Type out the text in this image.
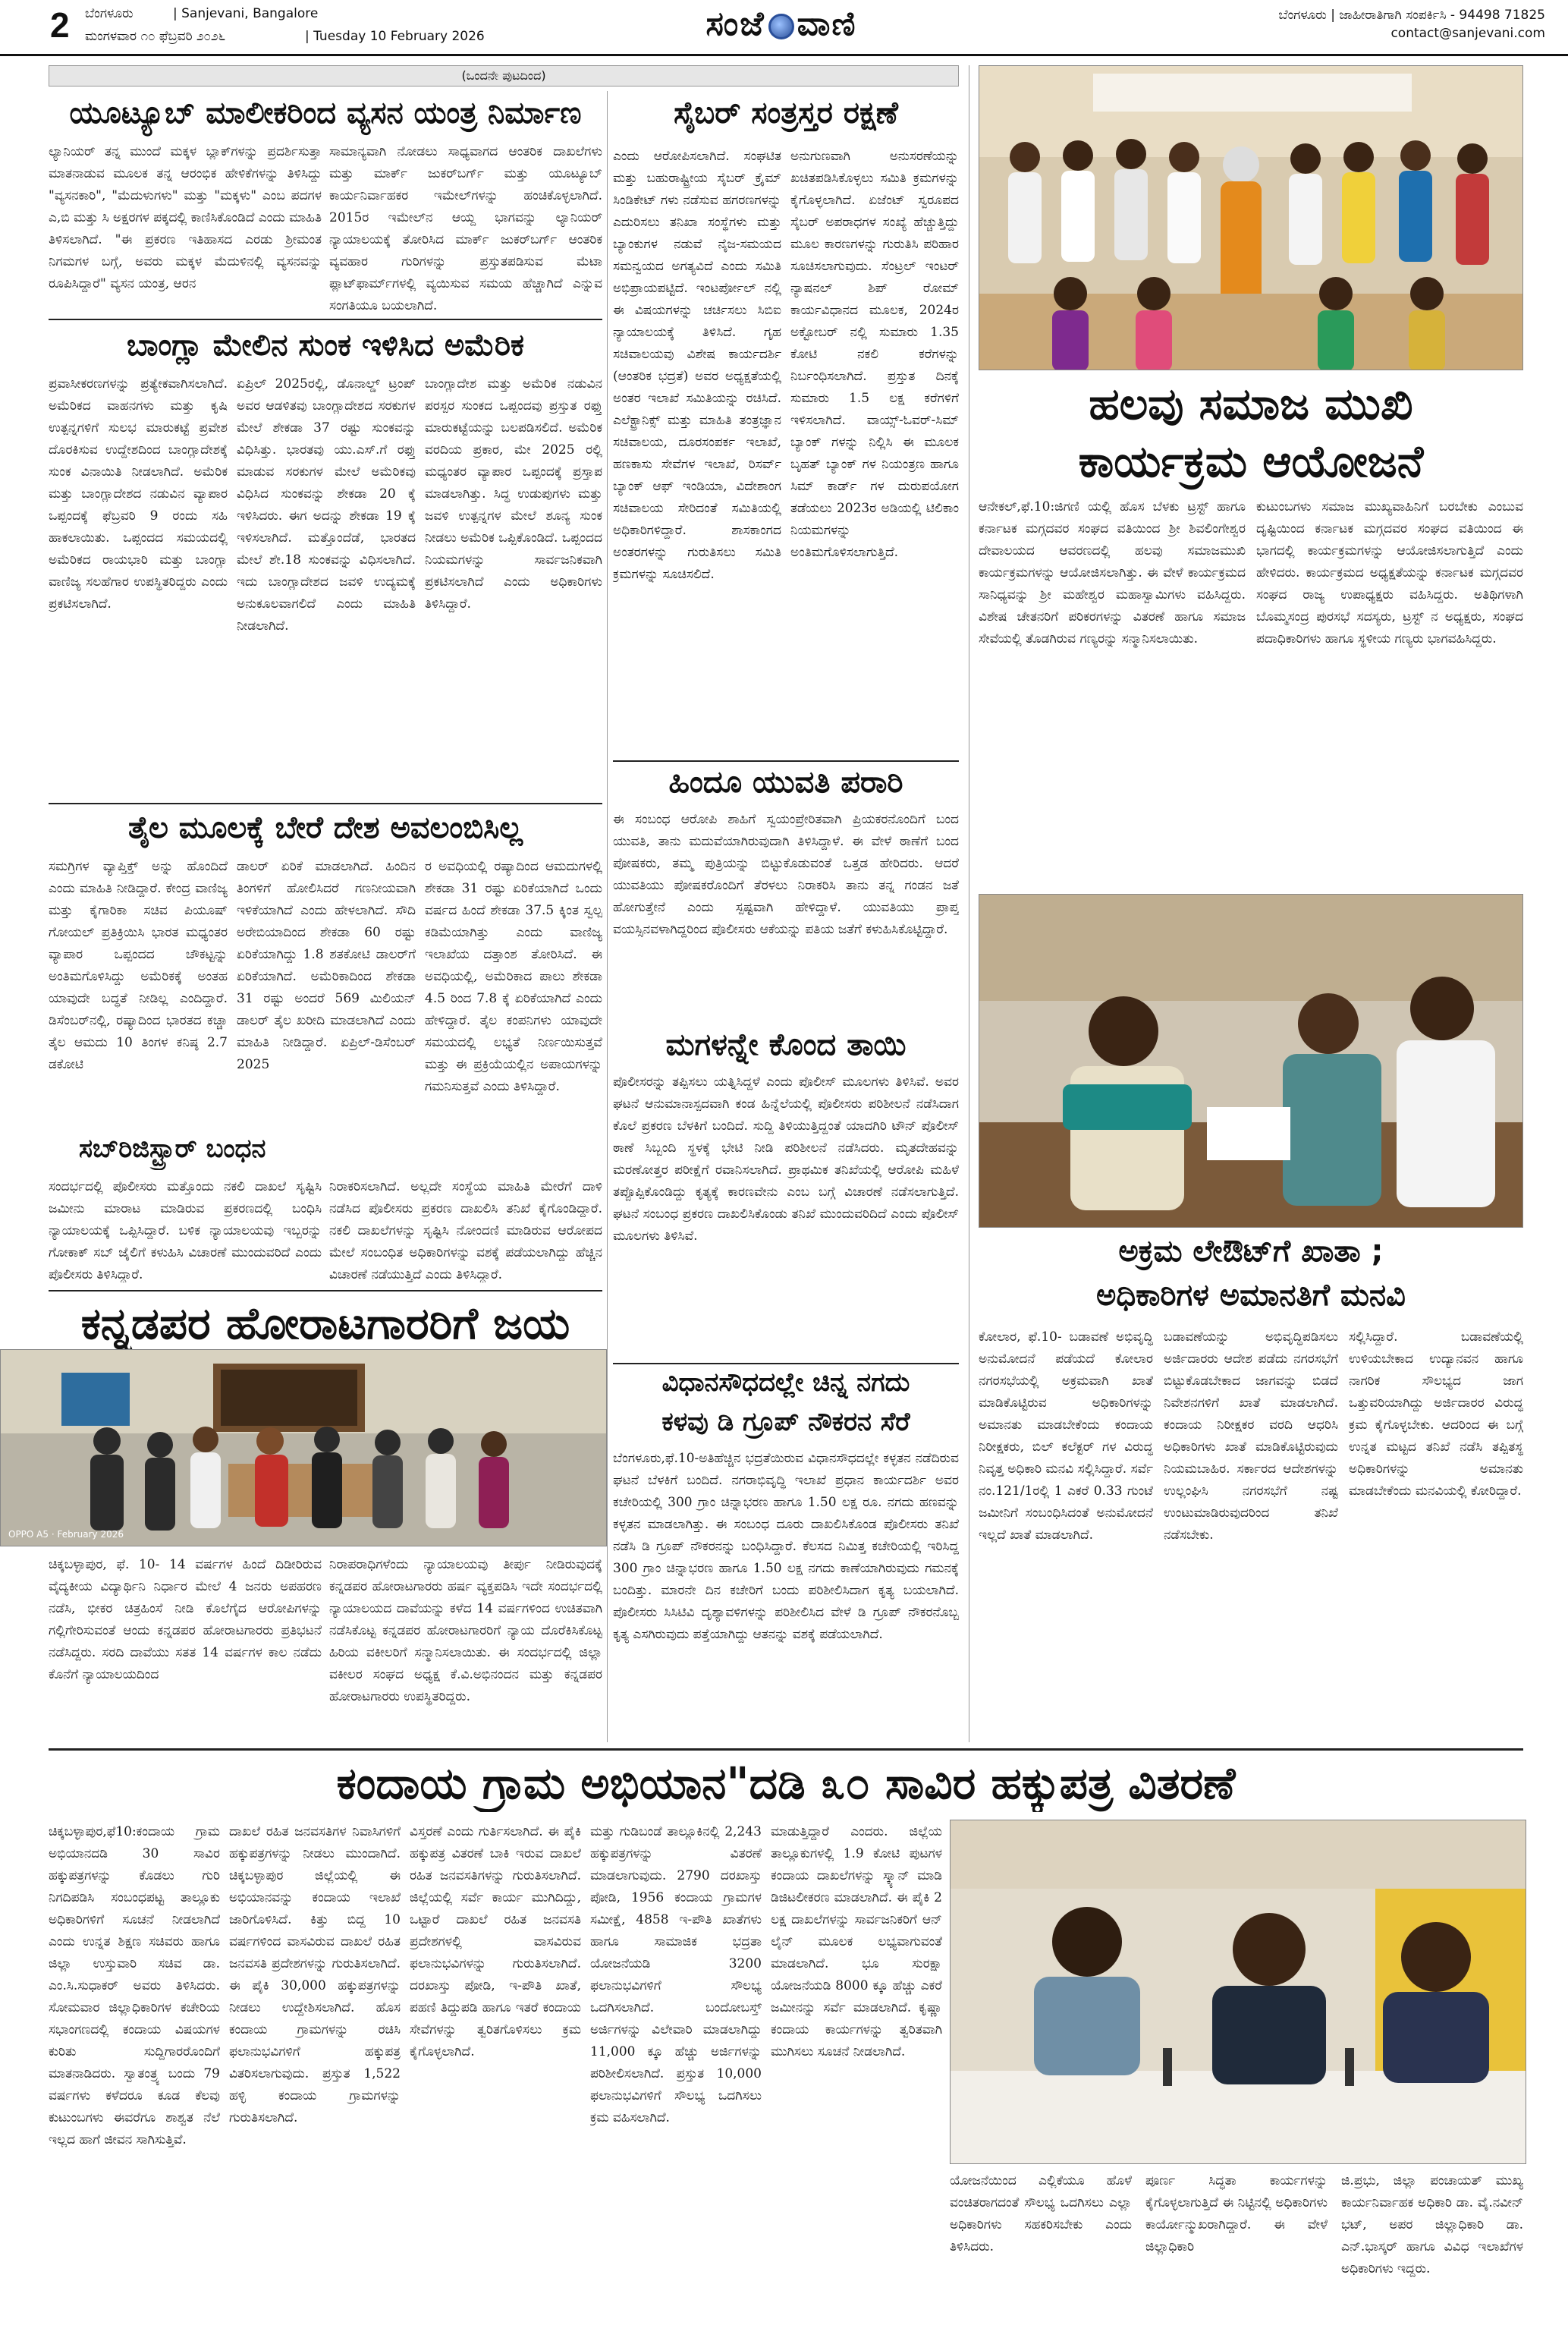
2 ಬೆಂಗಳೂರು	| Sanjevani, Bangalore
ಮಂಗಳವಾರ ೧೦ ಫೆಬ್ರವರಿ ೨೦೨೬	| Tuesday 10 February 2026	ಸಂಜೆ ವಾಣಿ	ಬೆಂಗಳೂರು | ಜಾಹೀರಾತಿಗಾಗಿ ಸಂಪರ್ಕಿಸಿ - 94498 71825
contact@sanjevani.com
(ಒಂದನೇ ಪುಟದಿಂದ)
ಯೂಟ್ಯೂಬ್ ಮಾಲೀಕರಿಂದ ವ್ಯಸನ ಯಂತ್ರ ನಿರ್ಮಾಣ
ಲ್ಯಾನಿಯರ್ ತನ್ನ ಮುಂದೆ ಮಕ್ಕಳ ಬ್ಲಾಕ್‌ಗಳನ್ನು ಪ್ರದರ್ಶಿಸುತ್ತಾ ಮಾತನಾಡುವ ಮೂಲಕ ತನ್ನ ಆರಂಭಿಕ ಹೇಳಿಕೆಗಳನ್ನು ತಿಳಿಸಿದ್ದು "ವ್ಯಸನಕಾರಿ", "ಮೆದುಳುಗಳು" ಮತ್ತು "ಮಕ್ಕಳು" ಎಂಬ ಪದಗಳ ಎ,ಬಿ ಮತ್ತು ಸಿ ಅಕ್ಷರಗಳ ಪಕ್ಕದಲ್ಲಿ ಕಾಣಿಸಿಕೊಂಡಿದೆ ಎಂದು ಮಾಹಿತಿ ತಿಳಿಸಲಾಗಿದೆ. "ಈ ಪ್ರಕರಣ ಇತಿಹಾಸದ ಎರಡು ಶ್ರೀಮಂತ ನಿಗಮಗಳ ಬಗ್ಗೆ, ಅವರು ಮಕ್ಕಳ ಮೆದುಳಿನಲ್ಲಿ ವ್ಯಸನವನ್ನು ರೂಪಿಸಿದ್ದಾರೆ" ವ್ಯಸನ ಯಂತ್ರ, ಆರನ
ಸಾಮಾನ್ಯವಾಗಿ ನೋಡಲು ಸಾಧ್ಯವಾಗದ ಆಂತರಿಕ ದಾಖಲೆಗಳು ಮತ್ತು ಮಾರ್ಕ್ ಜುಕರ್‌ಬರ್ಗ್ ಮತ್ತು ಯೂಟ್ಯೂಬ್ ಕಾರ್ಯನಿರ್ವಾಹಕರ ಇಮೇಲ್‌ಗಳನ್ನು ಹಂಚಿಕೊಳ್ಳಲಾಗಿದೆ. 2015ರ ಇಮೇಲ್‌ನ ಆಯ್ದ ಭಾಗವನ್ನು ಲ್ಯಾನಿಯರ್ ನ್ಯಾಯಾಲಯಕ್ಕೆ ತೋರಿಸಿದ ಮಾರ್ಕ್ ಜುಕರ್‌ಬರ್ಗ್ ಆಂತರಿಕ ವ್ಯವಹಾರ ಗುರಿಗಳನ್ನು ಪ್ರಸ್ತುತಪಡಿಸುವ ಮೆಟಾ ಪ್ಲಾಟ್‌ಫಾರ್ಮ್‌ಗಳಲ್ಲಿ ವ್ಯಯಿಸುವ ಸಮಯ ಹೆಚ್ಚಾಗಿದೆ ಎನ್ನುವ ಸಂಗತಿಯೂ ಬಯಲಾಗಿದೆ.
ಸೈಬರ್ ಸಂತ್ರಸ್ತರ ರಕ್ಷಣೆ
ಎಂದು ಆರೋಪಿಸಲಾಗಿದೆ. ಸಂಘಟಿತ ಮತ್ತು ಬಹುರಾಷ್ಟ್ರೀಯ ಸೈಬರ್ ಕ್ರೈಮ್ ಸಿಂಡಿಕೇಟ್ ಗಳು ನಡೆಸುವ ಹಗರಣಗಳನ್ನು ಎದುರಿಸಲು ತನಿಖಾ ಸಂಸ್ಥೆಗಳು ಮತ್ತು ಬ್ಯಾಂಕುಗಳ ನಡುವೆ ನೈಜ-ಸಮಯದ ಸಮನ್ವಯದ ಅಗತ್ಯವಿದೆ ಎಂದು ಸಮಿತಿ ಅಭಿಪ್ರಾಯಪಟ್ಟಿದೆ. ಇಂಟರ್ಪೋಲ್ ನಲ್ಲಿ ಈ ವಿಷಯಗಳನ್ನು ಚರ್ಚಿಸಲು ಸಿಬಿಐ ನ್ಯಾಯಾಲಯಕ್ಕೆ ತಿಳಿಸಿದೆ. ಗೃಹ ಸಚಿವಾಲಯವು ವಿಶೇಷ ಕಾರ್ಯದರ್ಶಿ (ಆಂತರಿಕ ಭದ್ರತೆ) ಅವರ ಅಧ್ಯಕ್ಷತೆಯಲ್ಲಿ ಅಂತರ ಇಲಾಖೆ ಸಮಿತಿಯನ್ನು ರಚಿಸಿದೆ. ಎಲೆಕ್ಟ್ರಾನಿಕ್ಸ್ ಮತ್ತು ಮಾಹಿತಿ ತಂತ್ರಜ್ಞಾನ ಸಚಿವಾಲಯ, ದೂರಸಂಪರ್ಕ ಇಲಾಖೆ, ಹಣಕಾಸು ಸೇವೆಗಳ ಇಲಾಖೆ, ರಿಸರ್ವ್ ಬ್ಯಾಂಕ್ ಆಫ್ ಇಂಡಿಯಾ, ವಿದೇಶಾಂಗ ಸಚಿವಾಲಯ ಸೇರಿದಂತೆ ಸಮಿತಿಯಲ್ಲಿ ಅಧಿಕಾರಿಗಳಿದ್ದಾರೆ. ಶಾಸಕಾಂಗದ ಅಂತರಗಳನ್ನು ಗುರುತಿಸಲು ಸಮಿತಿ ಕ್ರಮಗಳನ್ನು ಸೂಚಿಸಲಿದೆ.
ಅನುಗುಣವಾಗಿ ಅನುಸರಣೆಯನ್ನು ಖಚಿತಪಡಿಸಿಕೊಳ್ಳಲು ಸಮಿತಿ ಕ್ರಮಗಳನ್ನು ಕೈಗೊಳ್ಳಲಾಗಿದೆ. ಏಜೆಂಟ್ ಸ್ವರೂಪದ ಸೈಬರ್ ಅಪರಾಧಗಳ ಸಂಖ್ಯೆ ಹೆಚ್ಚುತ್ತಿದ್ದು ಮೂಲ ಕಾರಣಗಳನ್ನು ಗುರುತಿಸಿ ಪರಿಹಾರ ಸೂಚಿಸಲಾಗುವುದು. ಸೆಂಟ್ರಲ್ ಇಂಟರ್ ನ್ಯಾಷನಲ್ ಶಿಪ್ ರೋಮ್ ಕಾರ್ಯವಿಧಾನದ ಮೂಲಕ, 2024ರ ಅಕ್ಟೋಬರ್ ನಲ್ಲಿ ಸುಮಾರು 1.35 ಕೋಟಿ ನಕಲಿ ಕರೆಗಳನ್ನು ನಿರ್ಬಂಧಿಸಲಾಗಿದೆ. ಪ್ರಸ್ತುತ ದಿನಕ್ಕೆ ಸುಮಾರು 1.5 ಲಕ್ಷ ಕರೆಗಳಿಗೆ ಇಳಿಸಲಾಗಿದೆ. ವಾಯ್ಸ್-ಓವರ್-ಸಿಮ್ ಬ್ಯಾಂಕ್ ಗಳನ್ನು ನಿಲ್ಲಿಸಿ ಈ ಮೂಲಕ ಬೃಹತ್ ಬ್ಯಾಂಕ್ ಗಳ ನಿಯಂತ್ರಣ ಹಾಗೂ ಸಿಮ್ ಕಾರ್ಡ್ ಗಳ ದುರುಪಯೋಗ ತಡೆಯಲು 2023ರ ಅಡಿಯಲ್ಲಿ ಟಿಲಿಕಾಂ ನಿಯಮಗಳನ್ನು ಅಂತಿಮಗೊಳಿಸಲಾಗುತ್ತಿದೆ.
ಬಾಂಗ್ಲಾ ಮೇಲಿನ ಸುಂಕ ಇಳಿಸಿದ ಅಮೆರಿಕ
ಪ್ರವಾಸೀಕರಣಗಳನ್ನು ಪ್ರತ್ಯೇಕವಾಗಿಸಲಾಗಿದೆ. ಅಮೆರಿಕದ ವಾಹನಗಳು ಮತ್ತು ಕೃಷಿ ಉತ್ಪನ್ನಗಳಿಗೆ ಸುಲಭ ಮಾರುಕಟ್ಟೆ ಪ್ರವೇಶ ದೊರಕಿಸುವ ಉದ್ದೇಶದಿಂದ ಬಾಂಗ್ಲಾದೇಶಕ್ಕೆ ಸುಂಕ ವಿನಾಯಿತಿ ನೀಡಲಾಗಿದೆ. ಅಮೆರಿಕ ಮತ್ತು ಬಾಂಗ್ಲಾದೇಶದ ನಡುವಿನ ವ್ಯಾಪಾರ ಒಪ್ಪಂದಕ್ಕೆ ಫೆಬ್ರವರಿ 9 ರಂದು ಸಹಿ ಹಾಕಲಾಯಿತು. ಒಪ್ಪಂದದ ಸಮಯದಲ್ಲಿ ಅಮೆರಿಕದ ರಾಯಭಾರಿ ಮತ್ತು ಬಾಂಗ್ಲಾ ವಾಣಿಜ್ಯ ಸಲಹೆಗಾರ ಉಪಸ್ಥಿತರಿದ್ದರು ಎಂದು ಪ್ರಕಟಿಸಲಾಗಿದೆ.
ಏಪ್ರಿಲ್ 2025ರಲ್ಲಿ, ಡೊನಾಲ್ಡ್ ಟ್ರಂಪ್ ಅವರ ಆಡಳಿತವು ಬಾಂಗ್ಲಾದೇಶದ ಸರಕುಗಳ ಮೇಲೆ ಶೇಕಡಾ 37 ರಷ್ಟು ಸುಂಕವನ್ನು ವಿಧಿಸಿತ್ತು. ಭಾರತವು ಯು.ಎಸ್.ಗೆ ರಫ್ತು ಮಾಡುವ ಸರಕುಗಳ ಮೇಲೆ ಅಮೆರಿಕವು ವಿಧಿಸಿದ ಸುಂಕವನ್ನು ಶೇಕಡಾ 20 ಕ್ಕೆ ಇಳಿಸಿದರು. ಈಗ ಅದನ್ನು ಶೇಕಡಾ 19 ಕ್ಕೆ ಇಳಿಸಲಾಗಿದೆ. ಮತ್ತೊಂದೆಡೆ, ಭಾರತದ ಮೇಲೆ ಶೇ.18 ಸುಂಕವನ್ನು ವಿಧಿಸಲಾಗಿದೆ. ಇದು ಬಾಂಗ್ಲಾದೇಶದ ಜವಳಿ ಉದ್ಯಮಕ್ಕೆ ಅನುಕೂಲವಾಗಲಿದೆ ಎಂದು ಮಾಹಿತಿ ನೀಡಲಾಗಿದೆ.
ಬಾಂಗ್ಲಾದೇಶ ಮತ್ತು ಅಮೆರಿಕ ನಡುವಿನ ಪರಸ್ಪರ ಸುಂಕದ ಒಪ್ಪಂದವು ಪ್ರಸ್ತುತ ರಫ್ತು ಮಾರುಕಟ್ಟೆಯನ್ನು ಬಲಪಡಿಸಲಿದೆ. ಅಮೆರಿಕ ವರದಿಯ ಪ್ರಕಾರ, ಮೇ 2025 ರಲ್ಲಿ ಮಧ್ಯಂತರ ವ್ಯಾಪಾರ ಒಪ್ಪಂದಕ್ಕೆ ಪ್ರಸ್ತಾಪ ಮಾಡಲಾಗಿತ್ತು. ಸಿದ್ಧ ಉಡುಪುಗಳು ಮತ್ತು ಜವಳಿ ಉತ್ಪನ್ನಗಳ ಮೇಲೆ ಶೂನ್ಯ ಸುಂಕ ನೀಡಲು ಅಮೆರಿಕ ಒಪ್ಪಿಕೊಂಡಿದೆ. ಒಪ್ಪಂದದ ನಿಯಮಗಳನ್ನು ಸಾರ್ವಜನಿಕವಾಗಿ ಪ್ರಕಟಿಸಲಾಗಿದೆ ಎಂದು ಅಧಿಕಾರಿಗಳು ತಿಳಿಸಿದ್ದಾರೆ.
ತೈಲ ಮೂಲಕ್ಕೆ ಬೇರೆ ದೇಶ ಅವಲಂಬಿಸಿಲ್ಲ
ಸಮಗ್ರಿಗಳ ವ್ಯಾಪ್ತಿಕ್ತ್ ಅನ್ನು ಹೊಂದಿದೆ ಎಂದು ಮಾಹಿತಿ ನೀಡಿದ್ದಾರೆ. ಕೇಂದ್ರ ವಾಣಿಜ್ಯ ಮತ್ತು ಕೈಗಾರಿಕಾ ಸಚಿವ ಪಿಯೂಷ್ ಗೋಯಲ್ ಪ್ರತಿಕ್ರಿಯಿಸಿ ಭಾರತ ಮಧ್ಯಂತರ ವ್ಯಾಪಾರ ಒಪ್ಪಂದದ ಚೌಕಟ್ಟನ್ನು ಅಂತಿಮಗೊಳಿಸಿದ್ದು ಅಮೆರಿಕಕ್ಕೆ ಅಂತಹ ಯಾವುದೇ ಬದ್ಧತೆ ನೀಡಿಲ್ಲ ಎಂದಿದ್ದಾರೆ. ಡಿಸೆಂಬರ್‌ನಲ್ಲಿ, ರಷ್ಯಾದಿಂದ ಭಾರತದ ಕಚ್ಚಾ ತೈಲ ಆಮದು 10 ತಿಂಗಳ ಕನಿಷ್ಠ 2.7 ಡಕೋಟಿ
ಡಾಲರ್ ಏರಿಕೆ ಮಾಡಲಾಗಿದೆ. ಹಿಂದಿನ ತಿಂಗಳಿಗೆ ಹೋಲಿಸಿದರೆ ಗಣನೀಯವಾಗಿ ಇಳಿಕೆಯಾಗಿದೆ ಎಂದು ಹೇಳಲಾಗಿದೆ. ಸೌದಿ ಅರೇಬಿಯಾದಿಂದ ಶೇಕಡಾ 60 ರಷ್ಟು ಏರಿಕೆಯಾಗಿದ್ದು 1.8 ಶತಕೋಟಿ ಡಾಲರ್‌ಗೆ ಏರಿಕೆಯಾಗಿದೆ. ಅಮೆರಿಕಾದಿಂದ ಶೇಕಡಾ 31 ರಷ್ಟು ಅಂದರೆ 569 ಮಿಲಿಯನ್ ಡಾಲರ್ ತೈಲ ಖರೀದಿ ಮಾಡಲಾಗಿದೆ ಎಂದು ಮಾಹಿತಿ ನೀಡಿದ್ದಾರೆ. ಏಪ್ರಿಲ್-ಡಿಸೆಂಬರ್ 2025
ರ ಅವಧಿಯಲ್ಲಿ ರಷ್ಯಾದಿಂದ ಆಮದುಗಳಲ್ಲಿ ಶೇಕಡಾ 31 ರಷ್ಟು ಏರಿಕೆಯಾಗಿದೆ ಒಂದು ವರ್ಷದ ಹಿಂದೆ ಶೇಕಡಾ 37.5 ಕ್ಕಿಂತ ಸ್ವಲ್ಪ ಕಡಿಮೆಯಾಗಿತ್ತು ಎಂದು ವಾಣಿಜ್ಯ ಇಲಾಖೆಯ ದತ್ತಾಂಶ ತೋರಿಸಿದೆ. ಈ ಅವಧಿಯಲ್ಲಿ, ಅಮೆರಿಕಾದ ಪಾಲು ಶೇಕಡಾ 4.5 ರಿಂದ 7.8 ಕ್ಕೆ ಏರಿಕೆಯಾಗಿದೆ ಎಂದು ಹೇಳಿದ್ದಾರೆ. ತೈಲ ಕಂಪನಿಗಳು ಯಾವುದೇ ಸಮಯದಲ್ಲಿ ಲಭ್ಯತೆ ನಿರ್ಣಯಿಸುತ್ತವೆ ಮತ್ತು ಈ ಪ್ರಕ್ರಿಯೆಯಲ್ಲಿನ ಅಪಾಯಗಳನ್ನು ಗಮನಿಸುತ್ತವೆ ಎಂದು ತಿಳಿಸಿದ್ದಾರೆ.
ಸಬ್‌ರಿಜಿಸ್ಟ್ರಾರ್ ಬಂಧನ
ಸಂದರ್ಭದಲ್ಲಿ ಪೊಲೀಸರು ಮತ್ತೊಂದು ನಕಲಿ ದಾಖಲೆ ಸೃಷ್ಟಿಸಿ ಜಮೀನು ಮಾರಾಟ ಮಾಡಿರುವ ಪ್ರಕರಣದಲ್ಲಿ ಬಂಧಿಸಿ ನ್ಯಾಯಾಲಯಕ್ಕೆ ಒಪ್ಪಿಸಿದ್ದಾರೆ. ಬಳಿಕ ನ್ಯಾಯಾಲಯವು ಇಬ್ಬರನ್ನು ಗೋಕಾಕ್ ಸಬ್ ಜೈಲಿಗೆ ಕಳುಹಿಸಿ ವಿಚಾರಣೆ ಮುಂದುವರಿದೆ ಎಂದು ಪೊಲೀಸರು ತಿಳಿಸಿದ್ದಾರೆ.
ನಿರಾಕರಿಸಲಾಗಿದೆ. ಅಲ್ಲದೇ ಸಂಸ್ಥೆಯ ಮಾಹಿತಿ ಮೇರೆಗೆ ದಾಳಿ ನಡೆಸಿದ ಪೊಲೀಸರು ಪ್ರಕರಣ ದಾಖಲಿಸಿ ತನಿಖೆ ಕೈಗೊಂಡಿದ್ದಾರೆ. ನಕಲಿ ದಾಖಲೆಗಳನ್ನು ಸೃಷ್ಟಿಸಿ ನೋಂದಣಿ ಮಾಡಿರುವ ಆರೋಪದ ಮೇಲೆ ಸಂಬಂಧಿತ ಅಧಿಕಾರಿಗಳನ್ನು ವಶಕ್ಕೆ ಪಡೆಯಲಾಗಿದ್ದು ಹೆಚ್ಚಿನ ವಿಚಾರಣೆ ನಡೆಯುತ್ತಿದೆ ಎಂದು ತಿಳಿಸಿದ್ದಾರೆ.
ಕನ್ನಡಪರ ಹೋರಾಟಗಾರರಿಗೆ ಜಯ
OPPO A5 · February 2026
ಚಿಕ್ಕಬಳ್ಳಾಪುರ, ಫೆ. 10- 14 ವರ್ಷಗಳ ಹಿಂದೆ ದಿಡೀರಿರುವ ವೈದ್ಯಕೀಯ ವಿದ್ಯಾರ್ಥಿನಿ ನಿರ್ಧಾರ ಮೇಲೆ 4 ಜನರು ಅಪಹರಣ ನಡೆಸಿ, ಭೀಕರ ಚಿತ್ರಹಿಂಸೆ ನೀಡಿ ಕೊಲೆಗೈದ ಆರೋಪಿಗಳನ್ನು ಗಲ್ಲಿಗೇರಿಸುವಂತೆ ಆಂದು ಕನ್ನಡಪರ ಹೋರಾಟಗಾರರು ಪ್ರತಿಭಟನೆ ನಡೆಸಿದ್ದರು. ಸರದಿ ದಾವೆಯು ಸತತ 14 ವರ್ಷಗಳ ಕಾಲ ನಡೆದು ಕೊನೆಗೆ ನ್ಯಾಯಾಲಯದಿಂದ
ನಿರಾಪರಾಧಿಗಳೆಂದು ನ್ಯಾಯಾಲಯವು ತೀರ್ಪು ನೀಡಿರುವುದಕ್ಕೆ ಕನ್ನಡಪರ ಹೋರಾಟಗಾರರು ಹರ್ಷ ವ್ಯಕ್ತಪಡಿಸಿ ಇದೇ ಸಂದರ್ಭದಲ್ಲಿ ನ್ಯಾಯಾಲಯದ ದಾವೆಯನ್ನು ಕಳೆದ 14 ವರ್ಷಗಳಿಂದ ಉಚಿತವಾಗಿ ನಡೆಸಿಕೊಟ್ಟ ಕನ್ನಡಪರ ಹೋರಾಟಗಾರರಿಗೆ ನ್ಯಾಯ ದೊರೆಕಿಸಿಕೊಟ್ಟ ಹಿರಿಯ ವಕೀಲರಿಗೆ ಸನ್ಮಾನಿಸಲಾಯಿತು. ಈ ಸಂದರ್ಭದಲ್ಲಿ ಜಿಲ್ಲಾ ವಕೀಲರ ಸಂಘದ ಅಧ್ಯಕ್ಷ ಕೆ.ವಿ.ಅಭಿನಂದನ ಮತ್ತು ಕನ್ನಡಪರ ಹೋರಾಟಗಾರರು ಉಪಸ್ಥಿತರಿದ್ದರು.
ಹಿಂದೂ ಯುವತಿ ಪರಾರಿ
ಈ ಸಂಬಂಧ ಆರೋಪಿ ಶಾಹಿಗೆ ಸ್ವಯಂಪ್ರೇರಿತವಾಗಿ ಪ್ರಿಯಕರನೊಂದಿಗೆ ಬಂದ ಯುವತಿ, ತಾನು ಮದುವೆಯಾಗಿರುವುದಾಗಿ ತಿಳಿಸಿದ್ದಾಳೆ. ಈ ವೇಳೆ ಠಾಣೆಗೆ ಬಂದ ಪೋಷಕರು, ತಮ್ಮ ಪುತ್ರಿಯನ್ನು ಬಿಟ್ಟುಕೊಡುವಂತೆ ಒತ್ತಡ ಹೇರಿದರು. ಆದರೆ ಯುವತಿಯು ಪೋಷಕರೊಂದಿಗೆ ತೆರಳಲು ನಿರಾಕರಿಸಿ ತಾನು ತನ್ನ ಗಂಡನ ಜತೆ ಹೋಗುತ್ತೇನೆ ಎಂದು ಸ್ಪಷ್ಟವಾಗಿ ಹೇಳಿದ್ದಾಳೆ. ಯುವತಿಯು ಪ್ರಾಪ್ತ ವಯಸ್ಸಿನವಳಾಗಿದ್ದರಿಂದ ಪೊಲೀಸರು ಆಕೆಯನ್ನು ಪತಿಯ ಜತೆಗೆ ಕಳುಹಿಸಿಕೊಟ್ಟಿದ್ದಾರೆ.
ಮಗಳನ್ನೇ ಕೊಂದ ತಾಯಿ
ಪೊಲೀಸರನ್ನು ತಪ್ಪಿಸಲು ಯತ್ನಿಸಿದ್ದಳೆ ಎಂದು ಪೊಲೀಸ್ ಮೂಲಗಳು ತಿಳಿಸಿವೆ. ಅವರ ಘಟನೆ ಆನುಮಾನಾಸ್ಪದವಾಗಿ ಕಂಡ ಹಿನ್ನೆಲೆಯಲ್ಲಿ ಪೊಲೀಸರು ಪರಿಶೀಲನೆ ನಡೆಸಿದಾಗ ಕೊಲೆ ಪ್ರಕರಣ ಬೆಳಕಿಗೆ ಬಂದಿದೆ. ಸುದ್ದಿ ತಿಳಿಯುತ್ತಿದ್ದಂತೆ ಯಾದಗಿರಿ ಟೌನ್ ಪೊಲೀಸ್ ಠಾಣೆ ಸಿಬ್ಬಂದಿ ಸ್ಥಳಕ್ಕೆ ಭೇಟಿ ನೀಡಿ ಪರಿಶೀಲನೆ ನಡೆಸಿದರು. ಮೃತದೇಹವನ್ನು ಮರಣೋತ್ತರ ಪರೀಕ್ಷೆಗೆ ರವಾನಿಸಲಾಗಿದೆ. ಪ್ರಾಥಮಿಕ ತನಿಖೆಯಲ್ಲಿ ಆರೋಪಿ ಮಹಿಳೆ ತಪ್ಪೊಪ್ಪಿಕೊಂಡಿದ್ದು ಕೃತ್ಯಕ್ಕೆ ಕಾರಣವೇನು ಎಂಬ ಬಗ್ಗೆ ವಿಚಾರಣೆ ನಡೆಸಲಾಗುತ್ತಿದೆ. ಘಟನೆ ಸಂಬಂಧ ಪ್ರಕರಣ ದಾಖಲಿಸಿಕೊಂಡು ತನಿಖೆ ಮುಂದುವರಿದಿದೆ ಎಂದು ಪೊಲೀಸ್ ಮೂಲಗಳು ತಿಳಿಸಿವೆ.
ವಿಧಾನಸೌಧದಲ್ಲೇ ಚಿನ್ನ ನಗದು
ಕಳವು ಡಿ ಗ್ರೂಪ್ ನೌಕರನ ಸೆರೆ
ಬೆಂಗಳೂರು,ಫೆ.10-ಅತಿಹೆಚ್ಚಿನ ಭದ್ರತೆಯಿರುವ ವಿಧಾನಸೌಧದಲ್ಲೇ ಕಳ್ಳತನ ನಡೆದಿರುವ ಘಟನೆ ಬೆಳಕಿಗೆ ಬಂದಿದೆ. ನಗರಾಭಿವೃದ್ಧಿ ಇಲಾಖೆ ಪ್ರಧಾನ ಕಾರ್ಯದರ್ಶಿ ಅವರ ಕಚೇರಿಯಲ್ಲಿ 300 ಗ್ರಾಂ ಚಿನ್ನಾಭರಣ ಹಾಗೂ 1.50 ಲಕ್ಷ ರೂ. ನಗದು ಹಣವನ್ನು ಕಳ್ಳತನ ಮಾಡಲಾಗಿತ್ತು. ಈ ಸಂಬಂಧ ದೂರು ದಾಖಲಿಸಿಕೊಂಡ ಪೊಲೀಸರು ತನಿಖೆ ನಡೆಸಿ ಡಿ ಗ್ರೂಪ್ ನೌಕರನನ್ನು ಬಂಧಿಸಿದ್ದಾರೆ. ಕೆಲಸದ ನಿಮಿತ್ತ ಕಚೇರಿಯಲ್ಲಿ ಇರಿಸಿದ್ದ 300 ಗ್ರಾಂ ಚಿನ್ನಾಭರಣ ಹಾಗೂ 1.50 ಲಕ್ಷ ನಗದು ಕಾಣೆಯಾಗಿರುವುದು ಗಮನಕ್ಕೆ ಬಂದಿತ್ತು. ಮಾರನೇ ದಿನ ಕಚೇರಿಗೆ ಬಂದು ಪರಿಶೀಲಿಸಿದಾಗ ಕೃತ್ಯ ಬಯಲಾಗಿದೆ. ಪೊಲೀಸರು ಸಿಸಿಟಿವಿ ದೃಶ್ಯಾವಳಿಗಳನ್ನು ಪರಿಶೀಲಿಸಿದ ವೇಳೆ ಡಿ ಗ್ರೂಪ್ ನೌಕರನೊಬ್ಬ ಕೃತ್ಯ ಎಸಗಿರುವುದು ಪತ್ತೆಯಾಗಿದ್ದು ಆತನನ್ನು ವಶಕ್ಕೆ ಪಡೆಯಲಾಗಿದೆ.
ಹಲವು ಸಮಾಜ ಮುಖಿ
ಕಾರ್ಯಕ್ರಮ ಆಯೋಜನೆ
ಆನೇಕಲ್,ಫೆ.10:ಜಿಗಣಿ ಯಲ್ಲಿ ಹೊಸ ಬೆಳಕು ಟ್ರಸ್ಟ್ ಹಾಗೂ ಕರ್ನಾಟಕ ಮಗ್ಗದವರ ಸಂಘದ ವತಿಯಿಂದ ಶ್ರೀ ಶಿವಲಿಂಗೇಶ್ವರ ದೇವಾಲಯದ ಆವರಣದಲ್ಲಿ ಹಲವು ಸಮಾಜಮುಖಿ ಕಾರ್ಯಕ್ರಮಗಳನ್ನು ಆಯೋಜಿಸಲಾಗಿತ್ತು. ಈ ವೇಳೆ ಕಾರ್ಯಕ್ರಮದ ಸಾನಿಧ್ಯವನ್ನು ಶ್ರೀ ಮಹೇಶ್ವರ ಮಹಾಸ್ವಾಮಿಗಳು ವಹಿಸಿದ್ದರು. ವಿಶೇಷ ಚೇತನರಿಗೆ ಪರಿಕರಗಳನ್ನು ವಿತರಣೆ ಹಾಗೂ ಸಮಾಜ ಸೇವೆಯಲ್ಲಿ ತೊಡಗಿರುವ ಗಣ್ಯರನ್ನು ಸನ್ಮಾನಿಸಲಾಯಿತು.
ಕುಟುಂಬಗಳು ಸಮಾಜ ಮುಖ್ಯವಾಹಿನಿಗೆ ಬರಬೇಕು ಎಂಬುವ ದೃಷ್ಟಿಯಿಂದ ಕರ್ನಾಟಕ ಮಗ್ಗದವರ ಸಂಘದ ವತಿಯಿಂದ ಈ ಭಾಗದಲ್ಲಿ ಕಾರ್ಯಕ್ರಮಗಳನ್ನು ಆಯೋಜಿಸಲಾಗುತ್ತಿದೆ ಎಂದು ಹೇಳಿದರು. ಕಾರ್ಯಕ್ರಮದ ಅಧ್ಯಕ್ಷತೆಯನ್ನು ಕರ್ನಾಟಕ ಮಗ್ಗದವರ ಸಂಘದ ರಾಜ್ಯ ಉಪಾಧ್ಯಕ್ಷರು ವಹಿಸಿದ್ದರು. ಅತಿಥಿಗಳಾಗಿ ಬೊಮ್ಮಸಂದ್ರ ಪುರಸಭೆ ಸದಸ್ಯರು, ಟ್ರಸ್ಟ್ ನ ಅಧ್ಯಕ್ಷರು, ಸಂಘದ ಪದಾಧಿಕಾರಿಗಳು ಹಾಗೂ ಸ್ಥಳೀಯ ಗಣ್ಯರು ಭಾಗವಹಿಸಿದ್ದರು.
ಅಕ್ರಮ ಲೇಔಟ್‌ಗೆ ಖಾತಾ ;
ಅಧಿಕಾರಿಗಳ ಅಮಾನತಿಗೆ ಮನವಿ
ಕೋಲಾರ, ಫೆ.10- ಬಡಾವಣೆ ಅಭಿವೃದ್ಧಿ ಅನುಮೋದನೆ ಪಡೆಯದೆ ಕೋಲಾರ ನಗರಸಭೆಯಲ್ಲಿ ಅಕ್ರಮವಾಗಿ ಖಾತೆ ಮಾಡಿಕೊಟ್ಟಿರುವ ಅಧಿಕಾರಿಗಳನ್ನು ಅಮಾನತು ಮಾಡಬೇಕೆಂದು ಕಂದಾಯ ನಿರೀಕ್ಷಕರು, ಬಿಲ್ ಕಲೆಕ್ಟರ್ ಗಳ ವಿರುದ್ಧ ನಿವೃತ್ತ ಅಧಿಕಾರಿ ಮನವಿ ಸಲ್ಲಿಸಿದ್ದಾರೆ. ಸರ್ವೆ ನಂ.121/1ರಲ್ಲಿ 1 ಎಕರೆ 0.33 ಗುಂಟೆ ಜಮೀನಿಗೆ ಸಂಬಂಧಿಸಿದಂತೆ ಅನುಮೋದನೆ ಇಲ್ಲದೆ ಖಾತೆ ಮಾಡಲಾಗಿದೆ.
ಬಡಾವಣೆಯನ್ನು ಅಭಿವೃದ್ಧಿಪಡಿಸಲು ಅರ್ಜಿದಾರರು ಆದೇಶ ಪಡೆದು ನಗರಸಭೆಗೆ ಬಿಟ್ಟುಕೊಡಬೇಕಾದ ಜಾಗವನ್ನು ಬಿಡದೆ ನಿವೇಶನಗಳಿಗೆ ಖಾತೆ ಮಾಡಲಾಗಿದೆ. ಕಂದಾಯ ನಿರೀಕ್ಷಕರ ವರದಿ ಆಧರಿಸಿ ಅಧಿಕಾರಿಗಳು ಖಾತೆ ಮಾಡಿಕೊಟ್ಟಿರುವುದು ನಿಯಮಬಾಹಿರ. ಸರ್ಕಾರದ ಆದೇಶಗಳನ್ನು ಉಲ್ಲಂಘಿಸಿ ನಗರಸಭೆಗೆ ನಷ್ಟ ಉಂಟುಮಾಡಿರುವುದರಿಂದ ತನಿಖೆ ನಡೆಸಬೇಕು.
ಸಲ್ಲಿಸಿದ್ದಾರೆ. ಬಡಾವಣೆಯಲ್ಲಿ ಉಳಿಯಬೇಕಾದ ಉದ್ಯಾನವನ ಹಾಗೂ ನಾಗರಿಕ ಸೌಲಭ್ಯದ ಜಾಗ ಒತ್ತುವರಿಯಾಗಿದ್ದು ಅರ್ಜಿದಾರರ ವಿರುದ್ಧ ಕ್ರಮ ಕೈಗೊಳ್ಳಬೇಕು. ಆದರಿಂದ ಈ ಬಗ್ಗೆ ಉನ್ನತ ಮಟ್ಟದ ತನಿಖೆ ನಡೆಸಿ ತಪ್ಪಿತಸ್ಥ ಅಧಿಕಾರಿಗಳನ್ನು ಅಮಾನತು ಮಾಡಬೇಕೆಂದು ಮನವಿಯಲ್ಲಿ ಕೋರಿದ್ದಾರೆ.
ಕಂದಾಯ ಗ್ರಾಮ ಅಭಿಯಾನ"ದಡಿ ೩೦ ಸಾವಿರ ಹಕ್ಕುಪತ್ರ ವಿತರಣೆ
ಚಿಕ್ಕಬಳ್ಳಾಪುರ,ಫೆ10:ಕಂದಾಯ ಗ್ರಾಮ ಅಭಿಯಾನದಡಿ 30 ಸಾವಿರ ಹಕ್ಕುಪತ್ರಗಳನ್ನು ಕೊಡಲು ಗುರಿ ನಿಗದಿಪಡಿಸಿ ಸಂಬಂಧಪಟ್ಟ ತಾಲ್ಲೂಕು ಅಧಿಕಾರಿಗಳಿಗೆ ಸೂಚನೆ ನೀಡಲಾಗಿದೆ ಎಂದು ಉನ್ನತ ಶಿಕ್ಷಣ ಸಚಿವರು ಹಾಗೂ ಜಿಲ್ಲಾ ಉಸ್ತುವಾರಿ ಸಚಿವ ಡಾ. ಎಂ.ಸಿ.ಸುಧಾಕರ್ ಅವರು ತಿಳಿಸಿದರು. ಸೋಮವಾರ ಜಿಲ್ಲಾಧಿಕಾರಿಗಳ ಕಚೇರಿಯ ಸಭಾಂಗಣದಲ್ಲಿ ಕಂದಾಯ ವಿಷಯಗಳ ಕುರಿತು ಸುದ್ದಿಗಾರರೊಂದಿಗೆ ಮಾತನಾಡಿದರು. ಸ್ವಾತಂತ್ರ್ಯ ಬಂದು 79 ವರ್ಷಗಳು ಕಳೆದರೂ ಕೂಡ ಕೆಲವು ಕುಟುಂಬಗಳು ಈವರೆಗೂ ಶಾಶ್ವತ ನೆಲೆ ಇಲ್ಲದ ಹಾಗೆ ಜೀವನ ಸಾಗಿಸುತ್ತಿವೆ.
ದಾಖಲೆ ರಹಿತ ಜನವಸತಿಗಳ ನಿವಾಸಿಗಳಿಗೆ ಹಕ್ಕುಪತ್ರಗಳನ್ನು ನೀಡಲು ಮುಂದಾಗಿದೆ. ಚಿಕ್ಕಬಳ್ಳಾಪುರ ಜಿಲ್ಲೆಯಲ್ಲಿ ಈ ಅಭಿಯಾನವನ್ನು ಕಂದಾಯ ಇಲಾಖೆ ಜಾರಿಗೊಳಿಸಿದೆ. ಕಿತ್ತು ಬಿದ್ದ 10 ವರ್ಷಗಳಿಂದ ವಾಸವಿರುವ ದಾಖಲೆ ರಹಿತ ಜನವಸತಿ ಪ್ರದೇಶಗಳನ್ನು ಗುರುತಿಸಲಾಗಿದೆ. ಈ ಪೈಕಿ 30,000 ಹಕ್ಕುಪತ್ರಗಳನ್ನು ನೀಡಲು ಉದ್ದೇಶಿಸಲಾಗಿದೆ. ಹೊಸ ಕಂದಾಯ ಗ್ರಾಮಗಳನ್ನು ರಚಿಸಿ ಫಲಾನುಭವಿಗಳಿಗೆ ಹಕ್ಕುಪತ್ರ ವಿತರಿಸಲಾಗುವುದು. ಪ್ರಸ್ತುತ 1,522 ಹಳ್ಳಿ ಕಂದಾಯ ಗ್ರಾಮಗಳನ್ನು ಗುರುತಿಸಲಾಗಿದೆ.
ವಿಸ್ತರಣೆ ಎಂದು ಗುರ್ತಿಸಲಾಗಿದೆ. ಈ ಪೈಕಿ ಹಕ್ಕುಪತ್ರ ವಿತರಣೆ ಬಾಕಿ ಇರುವ ದಾಖಲೆ ರಹಿತ ಜನವಸತಿಗಳನ್ನು ಗುರುತಿಸಲಾಗಿದೆ. ಜಿಲ್ಲೆಯಲ್ಲಿ ಸರ್ವೆ ಕಾರ್ಯ ಮುಗಿದಿದ್ದು, ಒಟ್ಟಾರೆ ದಾಖಲೆ ರಹಿತ ಜನವಸತಿ ಪ್ರದೇಶಗಳಲ್ಲಿ ವಾಸವಿರುವ ಫಲಾನುಭವಿಗಳನ್ನು ಗುರುತಿಸಲಾಗಿದೆ. ದರಖಾಸ್ತು ಪೋಡಿ, ಇ-ಪೌತಿ ಖಾತೆ, ಪಹಣಿ ತಿದ್ದುಪಡಿ ಹಾಗೂ ಇತರೆ ಕಂದಾಯ ಸೇವೆಗಳನ್ನು ತ್ವರಿತಗೊಳಿಸಲು ಕ್ರಮ ಕೈಗೊಳ್ಳಲಾಗಿದೆ.
ಮತ್ತು ಗುಡಿಬಂಡೆ ತಾಲ್ಲೂಕಿನಲ್ಲಿ 2,243 ಹಕ್ಕುಪತ್ರಗಳನ್ನು ವಿತರಣೆ ಮಾಡಲಾಗುವುದು. 2790 ದರಖಾಸ್ತು ಪೋಡಿ, 1956 ಕಂದಾಯ ಗ್ರಾಮಗಳ ಸಮೀಕ್ಷೆ, 4858 ಇ-ಪೌತಿ ಖಾತೆಗಳು ಹಾಗೂ ಸಾಮಾಜಿಕ ಭದ್ರತಾ ಯೋಜನೆಯಡಿ 3200 ಫಲಾನುಭವಿಗಳಿಗೆ ಸೌಲಭ್ಯ ಒದಗಿಸಲಾಗಿದೆ. ಬಂದೋಬಸ್ತ್ ಅರ್ಜಿಗಳನ್ನು ವಿಲೇವಾರಿ ಮಾಡಲಾಗಿದ್ದು 11,000 ಕ್ಕೂ ಹೆಚ್ಚು ಅರ್ಜಿಗಳನ್ನು ಪರಿಶೀಲಿಸಲಾಗಿದೆ. ಪ್ರಸ್ತುತ 10,000 ಫಲಾನುಭವಿಗಳಿಗೆ ಸೌಲಭ್ಯ ಒದಗಿಸಲು ಕ್ರಮ ವಹಿಸಲಾಗಿದೆ.
ಮಾಡುತ್ತಿದ್ದಾರೆ ಎಂದರು. ಜಿಲ್ಲೆಯ ತಾಲ್ಲೂಕುಗಳಲ್ಲಿ 1.9 ಕೋಟಿ ಪುಟಗಳ ಕಂದಾಯ ದಾಖಲೆಗಳನ್ನು ಸ್ಕ್ಯಾನ್ ಮಾಡಿ ಡಿಜಿಟಲೀಕರಣ ಮಾಡಲಾಗಿದೆ. ಈ ಪೈಕಿ 2 ಲಕ್ಷ ದಾಖಲೆಗಳನ್ನು ಸಾರ್ವಜನಿಕರಿಗೆ ಆನ್ ಲೈನ್ ಮೂಲಕ ಲಭ್ಯವಾಗುವಂತೆ ಮಾಡಲಾಗಿದೆ. ಭೂ ಸುರಕ್ಷಾ ಯೋಜನೆಯಡಿ 8000 ಕ್ಕೂ ಹೆಚ್ಚು ಎಕರೆ ಜಮೀನನ್ನು ಸರ್ವೆ ಮಾಡಲಾಗಿದೆ. ಕೃಷ್ಣಾ ಕಂದಾಯ ಕಾರ್ಯಗಳನ್ನು ತ್ವರಿತವಾಗಿ ಮುಗಿಸಲು ಸೂಚನೆ ನೀಡಲಾಗಿದೆ.
ಯೋಜನೆಯಿಂದ ಎಲ್ಲಿಕೆಯೂ ಹೊಳೆ ವಂಚಿತರಾಗದಂತೆ ಸೌಲಭ್ಯ ಒದಗಿಸಲು ಎಲ್ಲಾ ಅಧಿಕಾರಿಗಳು ಸಹಕರಿಸಬೇಕು ಎಂದು ತಿಳಿಸಿದರು.
ಪೂರ್ಣ ಸಿದ್ಧತಾ ಕಾರ್ಯಗಳನ್ನು ಕೈಗೊಳ್ಳಲಾಗುತ್ತಿದೆ ಈ ನಿಟ್ಟಿನಲ್ಲಿ ಅಧಿಕಾರಿಗಳು ಕಾರ್ಯೋನ್ಮುಖರಾಗಿದ್ದಾರೆ. ಈ ವೇಳೆ ಜಿಲ್ಲಾಧಿಕಾರಿ
ಜಿ.ಪ್ರಭು, ಜಿಲ್ಲಾ ಪಂಚಾಯತ್ ಮುಖ್ಯ ಕಾರ್ಯನಿರ್ವಾಹಕ ಅಧಿಕಾರಿ ಡಾ. ವೈ.ನವೀನ್ ಭಟ್, ಅಪರ ಜಿಲ್ಲಾಧಿಕಾರಿ ಡಾ. ಎನ್.ಭಾಸ್ಕರ್ ಹಾಗೂ ವಿವಿಧ ಇಲಾಖೆಗಳ ಅಧಿಕಾರಿಗಳು ಇದ್ದರು.
